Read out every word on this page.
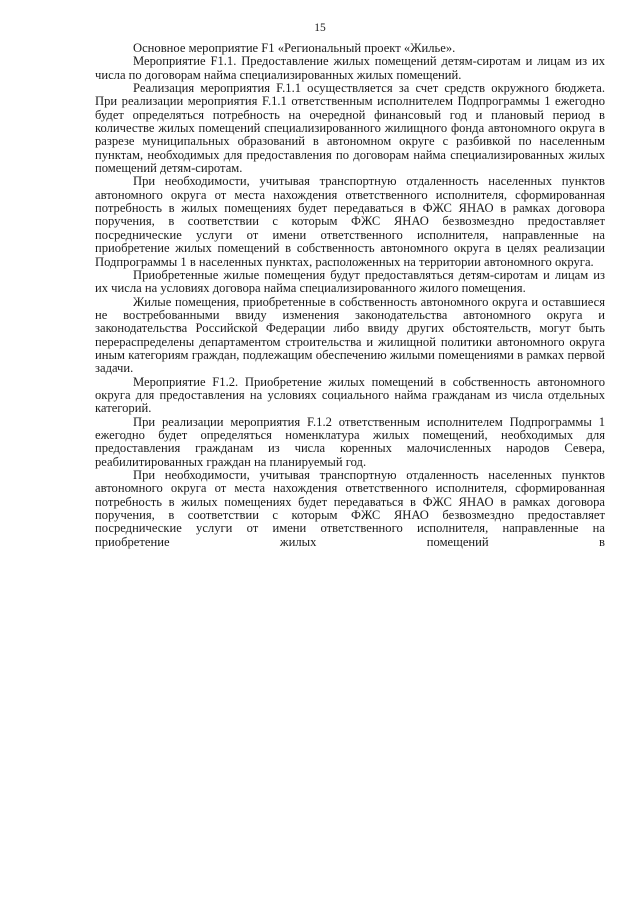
15

Основное мероприятие F1 «Региональный проект «Жилье».

Мероприятие F1.1. Предоставление жилых помещений детям-сиротам и лицам из их числа по договорам найма специализированных жилых помещений.

Реализация мероприятия F.1.1 осуществляется за счет средств окружного бюджета. При реализации мероприятия F.1.1 ответственным исполнителем Подпрограммы 1 ежегодно будет определяться потребность на очередной финансовый год и плановый период в количестве жилых помещений специализированного жилищного фонда автономного округа в разрезе муниципальных образований в автономном округе с разбивкой по населенным пунктам, необходимых для предоставления по договорам найма специализированных жилых помещений детям-сиротам.

При необходимости, учитывая транспортную отдаленность населенных пунктов автономного округа от места нахождения ответственного исполнителя, сформированная потребность в жилых помещениях будет передаваться в ФЖС ЯНАО в рамках договора поручения, в соответствии с которым ФЖС ЯНАО безвозмездно предоставляет посреднические услуги от имени ответственного исполнителя, направленные на приобретение жилых помещений в собственность автономного округа в целях реализации Подпрограммы 1 в населенных пунктах, расположенных на территории автономного округа.

Приобретенные жилые помещения будут предоставляться детям-сиротам и лицам из их числа на условиях договора найма специализированного жилого помещения.

Жилые помещения, приобретенные в собственность автономного округа и оставшиеся не востребованными ввиду изменения законодательства автономного округа и законодательства Российской Федерации либо ввиду других обстоятельств, могут быть перераспределены департаментом строительства и жилищной политики автономного округа иным категориям граждан, подлежащим обеспечению жилыми помещениями в рамках первой задачи.

Мероприятие F1.2. Приобретение жилых помещений в собственность автономного округа для предоставления на условиях социального найма гражданам из числа отдельных категорий.

При реализации мероприятия F.1.2 ответственным исполнителем Подпрограммы 1 ежегодно будет определяться номенклатура жилых помещений, необходимых для предоставления гражданам из числа коренных малочисленных народов Севера, реабилитированных граждан на планируемый год.

При необходимости, учитывая транспортную отдаленность населенных пунктов автономного округа от места нахождения ответственного исполнителя, сформированная потребность в жилых помещениях будет передаваться в ФЖС ЯНАО в рамках договора поручения, в соответствии с которым ФЖС ЯНАО безвозмездно предоставляет посреднические услуги от имени ответственного исполнителя, направленные на приобретение жилых помещений в
